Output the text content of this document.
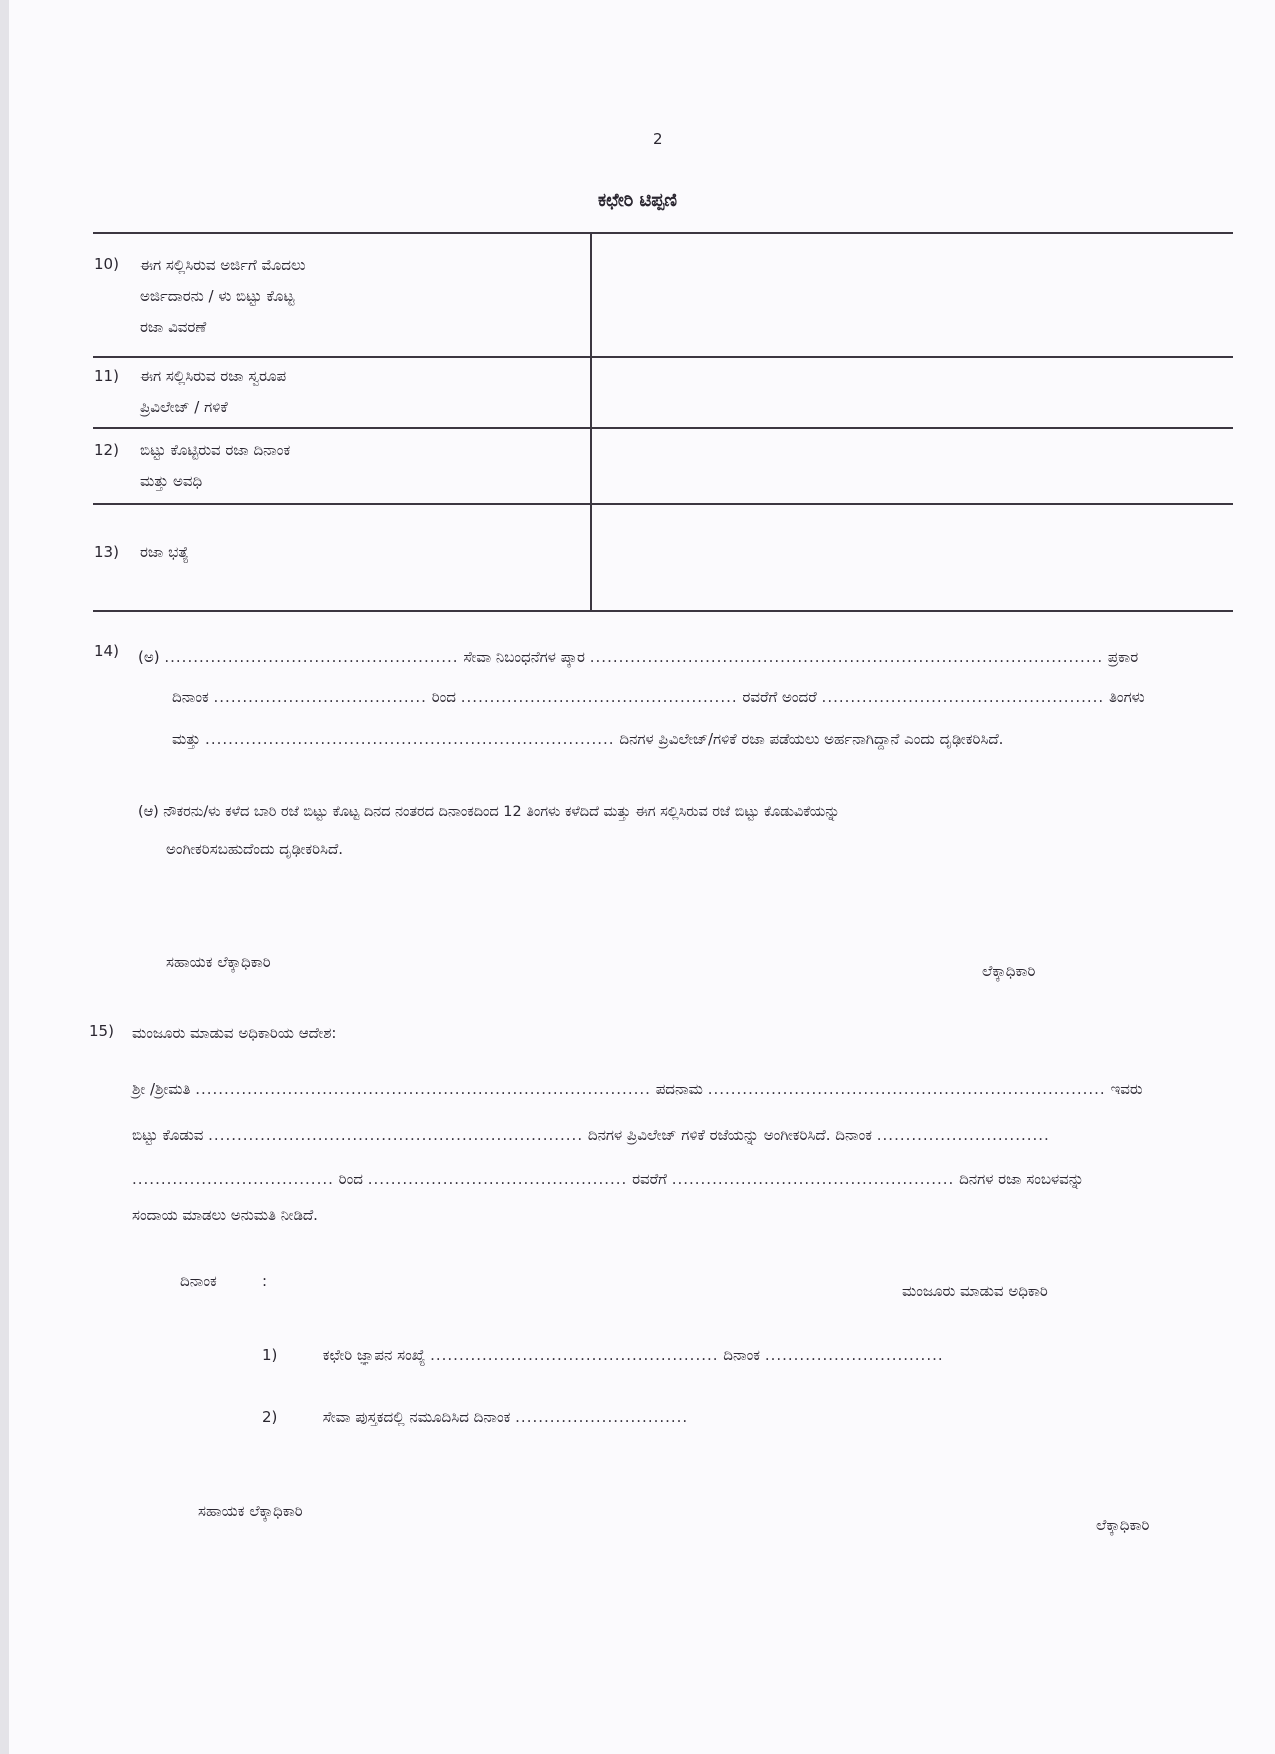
2
ಕಛೇರಿ ಟಿಪ್ಪಣಿ
10) ಈಗ ಸಲ್ಲಿಸಿರುವ ಅರ್ಜಿಗೆ ಮೊದಲು
ಅರ್ಜಿದಾರನು / ಳು ಬಿಟ್ಟು ಕೊಟ್ಟ
ರಜಾ ವಿವರಣೆ
11) ಈಗ ಸಲ್ಲಿಸಿರುವ ರಜಾ ಸ್ವರೂಪ
ಪ್ರಿವಿಲೇಜ್ / ಗಳಿಕೆ
12) ಬಿಟ್ಟು ಕೊಟ್ಟಿರುವ ರಜಾ ದಿನಾಂಕ
ಮತ್ತು ಅವಧಿ
13) ರಜಾ ಭತ್ಯೆ
14) (ಅ) ................................................... ಸೇವಾ ನಿಬಂಧನೆಗಳ ಪ್ಕಾರ ......................................................................................... ಪ್ರಕಾರ
ದಿನಾಂಕ ..................................... ರಿಂದ ................................................ ರವರೆಗೆ ಅಂದರೆ ................................................. ತಿಂಗಳು
ಮತ್ತು ....................................................................... ದಿನಗಳ ಪ್ರಿವಿಲೇಜ್/ಗಳಿಕೆ ರಜಾ ಪಡೆಯಲು ಅರ್ಹನಾಗಿದ್ದಾನೆ ಎಂದು ದೃಢೀಕರಿಸಿದೆ.
(ಆ) ನೌಕರನು/ಳು ಕಳೆದ ಬಾರಿ ರಜೆ ಬಿಟ್ಟು ಕೊಟ್ಟ ದಿನದ ನಂತರದ ದಿನಾಂಕದಿಂದ 12 ತಿಂಗಳು ಕಳೆದಿದೆ ಮತ್ತು ಈಗ ಸಲ್ಲಿಸಿರುವ ರಜೆ ಬಿಟ್ಟು ಕೊಡುವಿಕೆಯನ್ನು
ಅಂಗೀಕರಿಸಬಹುದೆಂದು ದೃಢೀಕರಿಸಿದೆ.
ಸಹಾಯಕ ಲೆಕ್ಕಾಧಿಕಾರಿ	ಲೆಕ್ಕಾಧಿಕಾರಿ
15) ಮಂಜೂರು ಮಾಡುವ ಅಧಿಕಾರಿಯ ಆದೇಶ:
ಶ್ರೀ /ಶ್ರೀಮತಿ ............................................................................... ಪದನಾಮ ..................................................................... ಇವರು
ಬಿಟ್ಟು ಕೊಡುವ ................................................................. ದಿನಗಳ ಪ್ರಿವಿಲೇಜ್ ಗಳಿಕೆ ರಜೆಯನ್ನು ಅಂಗೀಕರಿಸಿದೆ. ದಿನಾಂಕ ..............................
................................... ರಿಂದ ............................................. ರವರೆಗೆ ................................................. ದಿನಗಳ ರಜಾ ಸಂಬಳವನ್ನು
ಸಂದಾಯ ಮಾಡಲು ಅನುಮತಿ ನೀಡಿದೆ.
ದಿನಾಂಕ	:
ಮಂಜೂರು ಮಾಡುವ ಅಧಿಕಾರಿ
1)	ಕಛೇರಿ ಜ್ಞಾಪನ ಸಂಖ್ಯೆ .................................................. ದಿನಾಂಕ ...............................
2)	ಸೇವಾ ಪುಸ್ತಕದಲ್ಲಿ ನಮೂದಿಸಿದ ದಿನಾಂಕ ..............................
ಸಹಾಯಕ ಲೆಕ್ಕಾಧಿಕಾರಿ
ಲೆಕ್ಕಾಧಿಕಾರಿ
